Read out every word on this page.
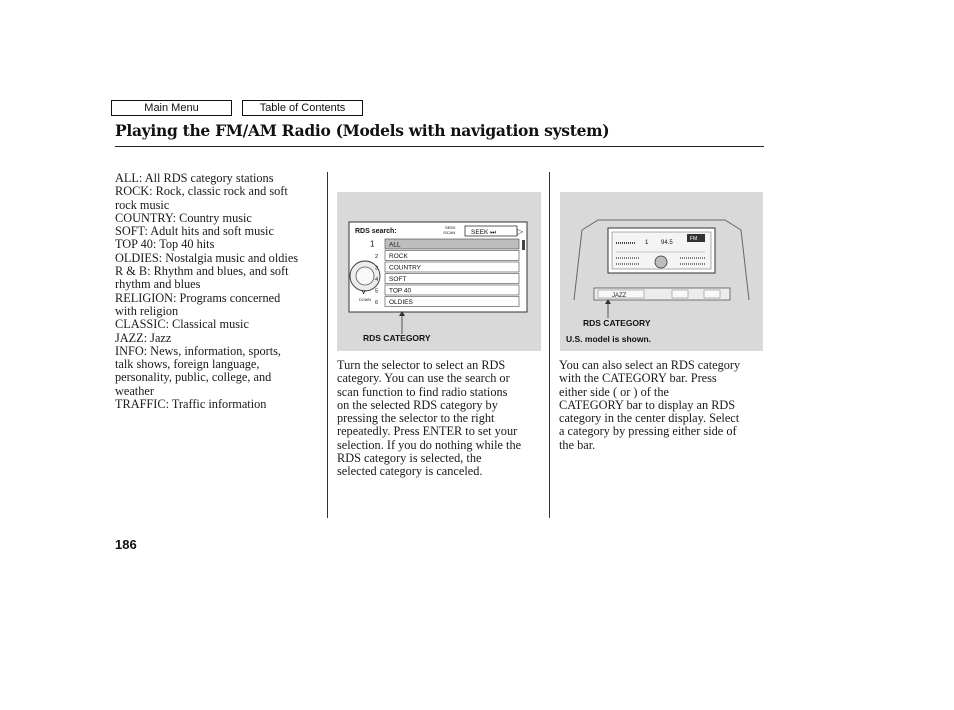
Main Menu	Table of Contents
Playing the FM/AM Radio (Models with navigation system)

ALL: All RDS category stations

ROCK: Rock, classic rock and soft

rock music

COUNTRY: Country music

SOFT: Adult hits and soft music

TOP 40: Top 40 hits

OLDIES: Nostalgia music and oldies

R & B: Rhythm and blues, and soft

rhythm and blues

RELIGION: Programs concerned

with religion

CLASSIC: Classical music

JAZZ: Jazz

INFO: News, information, sports,

talk shows, foreign language,

personality, public, college, and

weather

TRAFFIC: Traffic information

RDS search:
SEEK
/SCAN SEEK ⏭	▷
∨
DOWN
1 ALL
2 ROCK
3 COUNTRY
4 SOFT
5 TOP 40
6 OLDIES
RDS CATEGORY
1 94.5
FM
JAZZ
RDS CATEGORY
U.S. model is shown.

Turn the selector to select an RDS

category. You can use the search or

scan function to find radio stations

on the selected RDS category by

pressing the selector to the right

repeatedly. Press ENTER to set your

selection. If you do nothing while the

RDS category is selected, the

selected category is canceled.

You can also select an RDS category

with the CATEGORY bar. Press

either side ( or ) of the

CATEGORY bar to display an RDS

category in the center display. Select

a category by pressing either side of

the bar.

186
